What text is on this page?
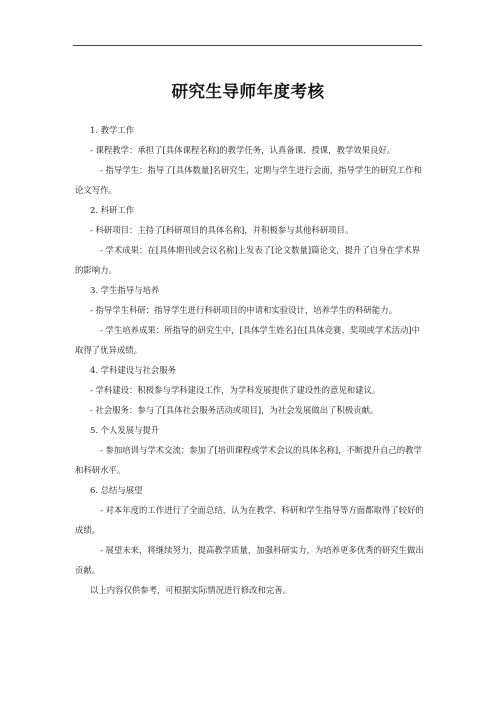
研究生导师年度考核

1. 教学工作

- 课程教学：承担了[具体课程名称]的教学任务，认真备课、授课，教学效果良好。

- 指导学生：指导了[具体数量]名研究生，定期与学生进行会面，指导学生的研究工作和论文写作。

2. 科研工作

- 科研项目：主持了[科研项目的具体名称]，并积极参与其他科研项目。

- 学术成果：在[具体期刊或会议名称]上发表了[论文数量]篇论文，提升了自身在学术界的影响力。

3. 学生指导与培养

- 指导学生科研：指导学生进行科研项目的申请和实验设计，培养学生的科研能力。

- 学生培养成果：所指导的研究生中，[具体学生姓名]在[具体竞赛、奖项或学术活动]中取得了优异成绩。

4. 学科建设与社会服务

- 学科建设：积极参与学科建设工作，为学科发展提供了建设性的意见和建议。

- 社会服务：参与了[具体社会服务活动或项目]，为社会发展做出了积极贡献。

5. 个人发展与提升

- 参加培训与学术交流：参加了[培训课程或学术会议的具体名称]，不断提升自己的教学和科研水平。

6. 总结与展望

- 对本年度的工作进行了全面总结，认为在教学、科研和学生指导等方面都取得了较好的成绩。

- 展望未来，将继续努力，提高教学质量，加强科研实力，为培养更多优秀的研究生做出贡献。

以上内容仅供参考，可根据实际情况进行修改和完善。
